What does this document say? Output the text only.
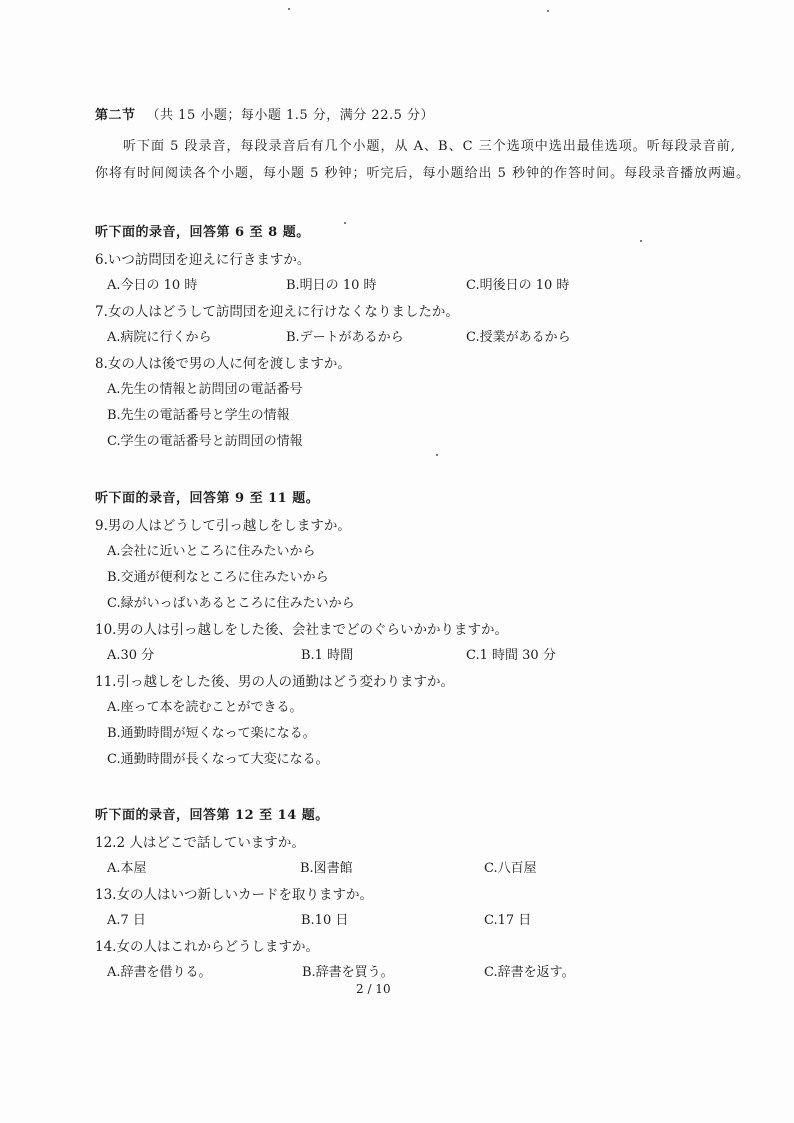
第二节 （共 15 小题；每小题 1.5 分，满分 22.5 分）
听下面 5 段录音，每段录音后有几个小题，从 A、B、C 三个选项中选出最佳选项。听每段录音前,
你将有时间阅读各个小题，每小题 5 秒钟；听完后，每小题给出 5 秒钟的作答时间。每段录音播放两遍。
听下面的录音，回答第 6 至 8 题。
6.いつ訪問団を迎えに行きますか。
A.今日の 10 時	B.明日の 10 時	C.明後日の 10 時
7.女の人はどうして訪問団を迎えに行けなくなりましたか。
A.病院に行くから	B.デートがあるから	C.授業があるから
8.女の人は後で男の人に何を渡しますか。
A.先生の情報と訪問団の電話番号
B.先生の電話番号と学生の情報
C.学生の電話番号と訪問団の情報
听下面的录音，回答第 9 至 11 题。
9.男の人はどうして引っ越しをしますか。
A.会社に近いところに住みたいから
B.交通が便利なところに住みたいから
C.緑がいっぱいあるところに住みたいから
10.男の人は引っ越しをした後、会社までどのぐらいかかりますか。
A.30 分	B.1 時間	C.1 時間 30 分
11.引っ越しをした後、男の人の通勤はどう変わりますか。
A.座って本を読むことができる。
B.通勤時間が短くなって楽になる。
C.通勤時間が長くなって大変になる。
听下面的录音，回答第 12 至 14 题。
12.2 人はどこで話していますか。
A.本屋	B.図書館	C.八百屋
13.女の人はいつ新しいカードを取りますか。
A.7 日	B.10 日	C.17 日
14.女の人はこれからどうしますか。
A.辞書を借りる。	B.辞書を買う。	C.辞書を返す。
2 / 10
